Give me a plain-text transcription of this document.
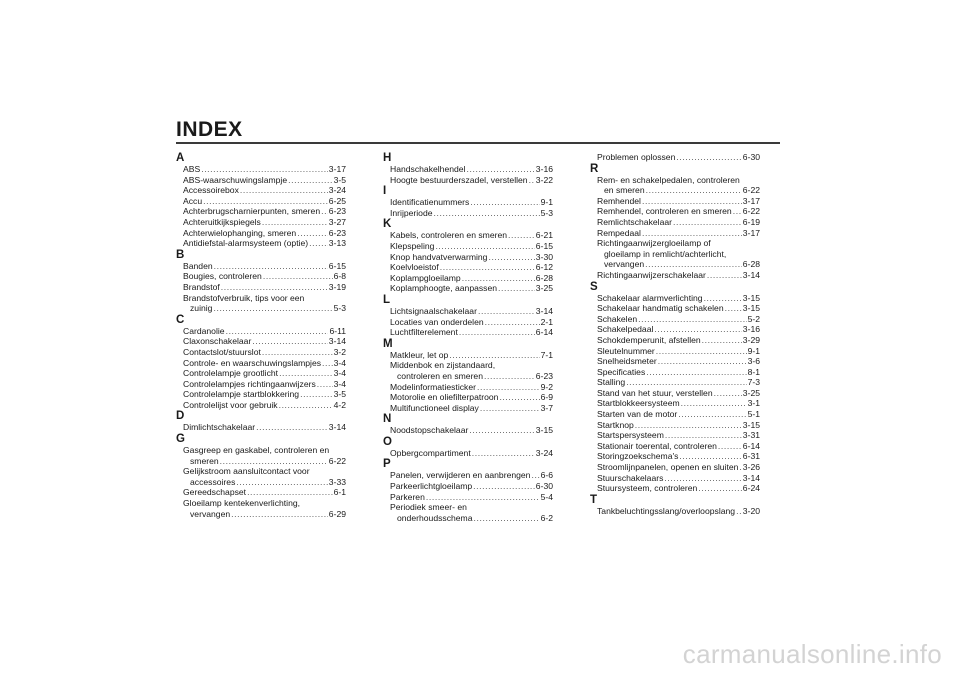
INDEX
A
ABS .....	3-17
ABS-waarschuwingslampje .....	3-5
Accessoirebox .....	3-24
Accu .....	6-25
Achterbrugscharnierpunten, smeren ..... 6-23
Achteruitkijkspiegels .....	3-27
Achterwielophanging, smeren .....	6-23
Antidiefstal-alarmsysteem (optie) ..... 3-13
B
Banden .....	6-15
Bougies, controleren .....	6-8
Brandstof .....	3-19
Brandstofverbruik, tips voor een
zuinig .....	5-3
C
Cardanolie .....	6-11
Claxonschakelaar .....	3-14
Contactslot/stuurslot .....	3-2
Controle- en waarschuwingslampjes ..... 3-4
Controlelampje grootlicht .....	3-4
Controlelampjes richtingaanwijzers ..... 3-4
Controlelampje startblokkering .....	3-5
Controlelijst voor gebruik .....	4-2
D
Dimlichtschakelaar .....	3-14
G
Gasgreep en gaskabel, controleren en
smeren .....	6-22
Gelijkstroom aansluitcontact voor
accessoires .....	3-33
Gereedschapset .....	6-1
Gloeilamp kentekenverlichting,
vervangen .....	6-29
H
Handschakelhendel .....	3-16
Hoogte bestuurderszadel, verstellen ..... 3-22
I
Identificatienummers .....	9-1
Inrijperiode .....	5-3
K
Kabels, controleren en smeren .....	6-21
Klepspeling .....	6-15
Knop handvatverwarming .....	3-30
Koelvloeistof .....	6-12
Koplampgloeilamp .....	6-28
Koplamphoogte, aanpassen .....	3-25
L
Lichtsignaalschakelaar .....	3-14
Locaties van onderdelen .....	2-1
Luchtfilterelement .....	6-14
M
Matkleur, let op .....	7-1
Middenbok en zijstandaard,
controleren en smeren .....	6-23
Modelinformatiesticker .....	9-2
Motorolie en oliefilterpatroon .....	6-9
Multifunctioneel display .....	3-7
N
Noodstopschakelaar .....	3-15
O
Opbergcompartiment .....	3-24
P
Panelen, verwijderen en aanbrengen ..... 6-6
Parkeerlichtgloeilamp .....	6-30
Parkeren .....	5-4
Periodiek smeer- en
onderhoudsschema .....	6-2
Problemen oplossen .....	6-30
R
Rem- en schakelpedalen, controleren
en smeren .....	6-22
Remhendel .....	3-17
Remhendel, controleren en smeren ..... 6-22
Remlichtschakelaar .....	6-19
Rempedaal .....	3-17
Richtingaanwijzergloeilamp of
gloeilamp in remlicht/achterlicht,
vervangen .....	6-28
Richtingaanwijzerschakelaar .....	3-14
S
Schakelaar alarmverlichting .....	3-15
Schakelaar handmatig schakelen ..... 3-15
Schakelen .....	5-2
Schakelpedaal .....	3-16
Schokdemperunit, afstellen .....	3-29
Sleutelnummer .....	9-1
Snelheidsmeter .....	3-6
Specificaties .....	8-1
Stalling .....	7-3
Stand van het stuur, verstellen .....	3-25
Startblokkeersysteem .....	3-1
Starten van de motor .....	5-1
Startknop .....	3-15
Startspersysteem .....	3-31
Stationair toerental, controleren .....	6-14
Storingzoekschema's .....	6-31
Stroomlijnpanelen, openen en sluiten ..... 3-26
Stuurschakelaars .....	3-14
Stuursysteem, controleren .....	6-24
T
Tankbeluchtingsslang/overloopslang ..... 3-20
carmanualsonline.info
